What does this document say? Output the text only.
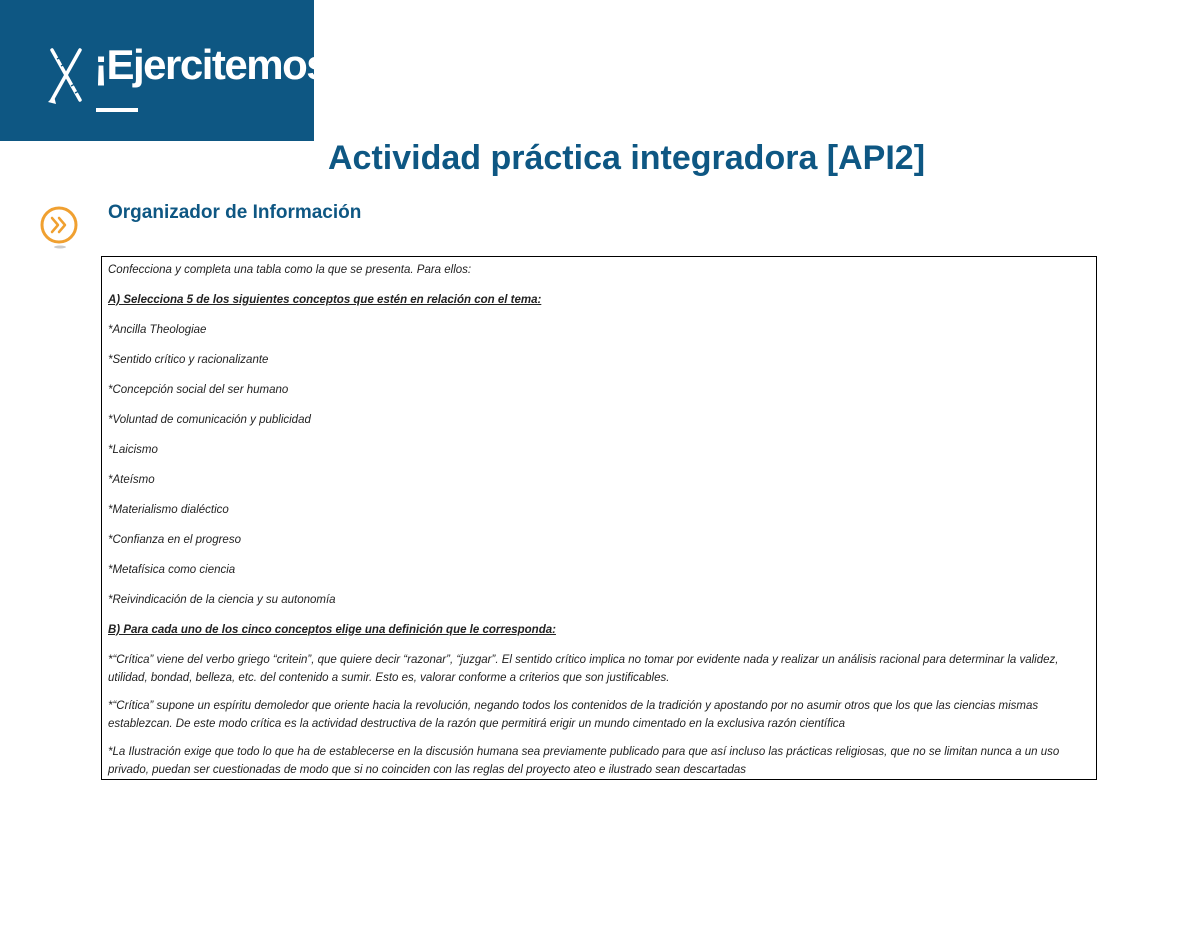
¡Ejercitemos!
Actividad práctica integradora [API2]
Organizador de Información

Confecciona y completa una tabla como la que se presenta. Para ellos:

A) Selecciona 5 de los siguientes conceptos que estén en relación con el tema:

*Ancilla Theologiae

*Sentido crítico y racionalizante

*Concepción social del ser humano

*Voluntad de comunicación y publicidad

*Laicismo

*Ateísmo

*Materialismo dialéctico

*Confianza en el progreso

*Metafísica como ciencia

*Reivindicación de la ciencia y su autonomía

B) Para cada uno de los cinco conceptos elige una definición que le corresponda:

*“Crítica” viene del verbo griego “critein”, que quiere decir “razonar”, “juzgar”. El sentido crítico implica no tomar por evidente nada y realizar un análisis racional para determinar la validez, utilidad, bondad, belleza, etc. del contenido a sumir. Esto es, valorar conforme a criterios que son justificables.

*“Crítica” supone un espíritu demoledor que oriente hacia la revolución, negando todos los contenidos de la tradición y apostando por no asumir otros que los que las ciencias mismas establezcan. De este modo crítica es la actividad destructiva de la razón que permitirá erigir un mundo cimentado en la exclusiva razón científica

*La Ilustración exige que todo lo que ha de establecerse en la discusión humana sea previamente publicado para que así incluso las prácticas religiosas, que no se limitan nunca a un uso privado, puedan ser cuestionadas de modo que si no coinciden con las reglas del proyecto ateo e ilustrado sean descartadas
